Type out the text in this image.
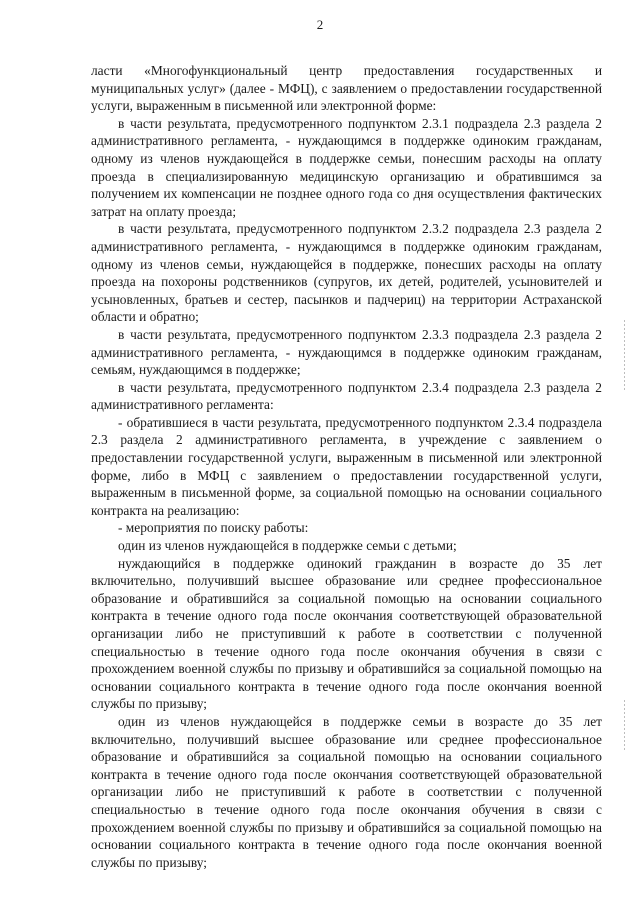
2

ласти «Многофункциональный центр предоставления государственных и муниципальных услуг» (далее - МФЦ), с заявлением о предоставлении государственной услуги, выраженным в письменной или электронной форме:

в части результата, предусмотренного подпунктом 2.3.1 подраздела 2.3 раздела 2 административного регламента, - нуждающимся в поддержке одиноким гражданам, одному из членов нуждающейся в поддержке семьи, понесшим расходы на оплату проезда в специализированную медицинскую организацию и обратившимся за получением их компенсации не позднее одного года со дня осуществления фактических затрат на оплату проезда;

в части результата, предусмотренного подпунктом 2.3.2 подраздела 2.3 раздела 2 административного регламента, - нуждающимся в поддержке одиноким гражданам, одному из членов семьи, нуждающейся в поддержке, понесших расходы на оплату проезда на похороны родственников (супругов, их детей, родителей, усыновителей и усыновленных, братьев и сестер, пасынков и падчериц) на территории Астраханской области и обратно;

в части результата, предусмотренного подпунктом 2.3.3 подраздела 2.3 раздела 2 административного регламента, - нуждающимся в поддержке одиноким гражданам, семьям, нуждающимся в поддержке;

в части результата, предусмотренного подпунктом 2.3.4 подраздела 2.3 раздела 2 административного регламента:

- обратившиеся в части результата, предусмотренного подпунктом 2.3.4 подраздела 2.3 раздела 2 административного регламента, в учреждение с заявлением о предоставлении государственной услуги, выраженным в письменной или электронной форме, либо в МФЦ с заявлением о предоставлении государственной услуги, выраженным в письменной форме, за социальной помощью на основании социального контракта на реализацию:

- мероприятия по поиску работы:

один из членов нуждающейся в поддержке семьи с детьми;

нуждающийся в поддержке одинокий гражданин в возрасте до 35 лет включительно, получивший высшее образование или среднее профессиональное образование и обратившийся за социальной помощью на основании социального контракта в течение одного года после окончания соответствующей образовательной организации либо не приступивший к работе в соответствии с полученной специальностью в течение одного года после окончания обучения в связи с прохождением военной службы по призыву и обратившийся за социальной помощью на основании социального контракта в течение одного года после окончания военной службы по призыву;

один из членов нуждающейся в поддержке семьи в возрасте до 35 лет включительно, получивший высшее образование или среднее профессиональное образование и обратившийся за социальной помощью на основании социального контракта в течение одного года после окончания соответствующей образовательной организации либо не приступивший к работе в соответствии с полученной специальностью в течение одного года после окончания обучения в связи с прохождением военной службы по призыву и обратившийся за социальной помощью на основании социального контракта в течение одного года после окончания военной службы по призыву;
